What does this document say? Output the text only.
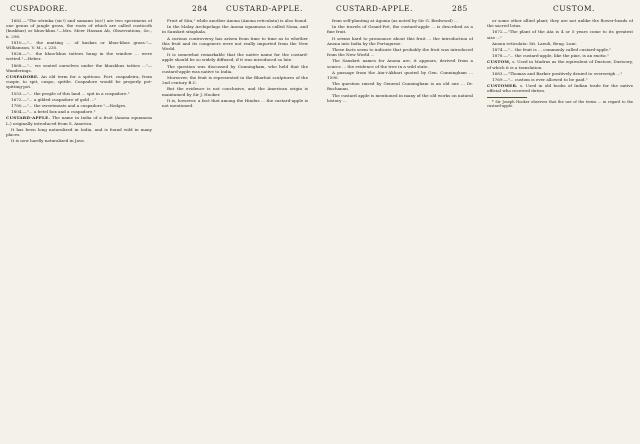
CUSPADORE.	284 CUSTARD-APPLE.	CUSTARD-APPLE.	285	CUSTOM.

1682.—"The sérinka (sic!) and samann (sic!) are two specimens of one genus of jungle grass, the roots of which are called custicoth (kuskhas) or khus-khus."—Mrs. Meer Hassan Ali, Observations, &c., ii. 298.

1810.—"... the matting ... of kuskus or khus-khus grass."—Williamson, V. M., i. 235.

1828.—"... the khus-khus tattees hung in the window ... were wetted."—Heber.

1868.—"... we seated ourselves under the khuskhus tatties ..."—Wanderings.

CUSPADORE. An old term for a spittoon. Port. cuspadeira, from cuspir, to spit, cuspo, spittle. Cuspadore would be properly pot-spitting-pot.

1553.—"... the people of this land ... spit in a cuspadore."

1672.—"... a gilded cuspadore of gold ..."

1780.—"... the sweetmeats and a cuspadore."—Hodges.

1804.—"... a betel box and a cuspadore."

CUSTARD-APPLE. The name in India of a fruit (Anona squamosa L.) originally introduced from S. America.

It has been long naturalized in India, and is found wild in many places.

It is now hardly naturalized in Java.

Fruit of Sita," while another Anona (Anona reticulata) is also found.

In the Malay Archipelago the Anona squamosa is called Nona, and in Sanskrit sitaphala.

A curious controversy has arisen from time to time as to whether this fruit and its congeners were not really imported from the New World.

It is somewhat remarkable that the native name for the custard-apple should be so widely diffused, if it was introduced so late.

The question was discussed by Cunningham, who held that the custard-apple was native to India.

Moreover, the fruit is represented in the Bharhut sculptures of the 2nd century B.C.

But the evidence is not conclusive, and the American origin is maintained by Sir J. Hooker.

It is, however, a fact that among the Hindus ... the custard-apple is not mentioned.

from self-planting at Agonia (as noted by Sir G. Birdwood) ...

In the travels of Grand-Pré, the custard-apple ... is described as a fine fruit.

It seems hard to pronounce about this fruit ... the introduction of Anona into India by the Portuguese.

These facts seem to indicate that probably the fruit was introduced from the New World ...

The Sanskrit names for Anona are, it appears, derived from a source ... the evidence of the tree in a wild state.

A passage from the Ain-i-Akbari quoted by Gen. Cunningham ... 1590.

The question raised by General Cunningham is an old one ... Dr. Buchanan.

The custard apple is mentioned in many of the old works on natural history ...

or some other allied plant; they are not unlike the flower-heads of the sacred lotus.

1672.—"The plant of the Ata is 4 or 5 years come to its greatest size ..."

Anona reticulata: Sit. Laeuli, Beng. Luni.

1874.—"... the fruit is ... commonly called custard-apple."

1878.—"... the custard-apple, like the pine, is an exotic."

CUSTOM, s. Used in Madras as the equivalent of Dustoor, Dustoory, of which it is a translation.

1683.—"Thomas and Barker positively denied to overweigh ..."

1769.—"... custom is ever allowed to be paid."

CUSTOMER. s. Used in old books of Indian trade for the native official who received duties.

* Sir Joseph Hooker observes that the use of the terms ... in regard to the custard-apple.
